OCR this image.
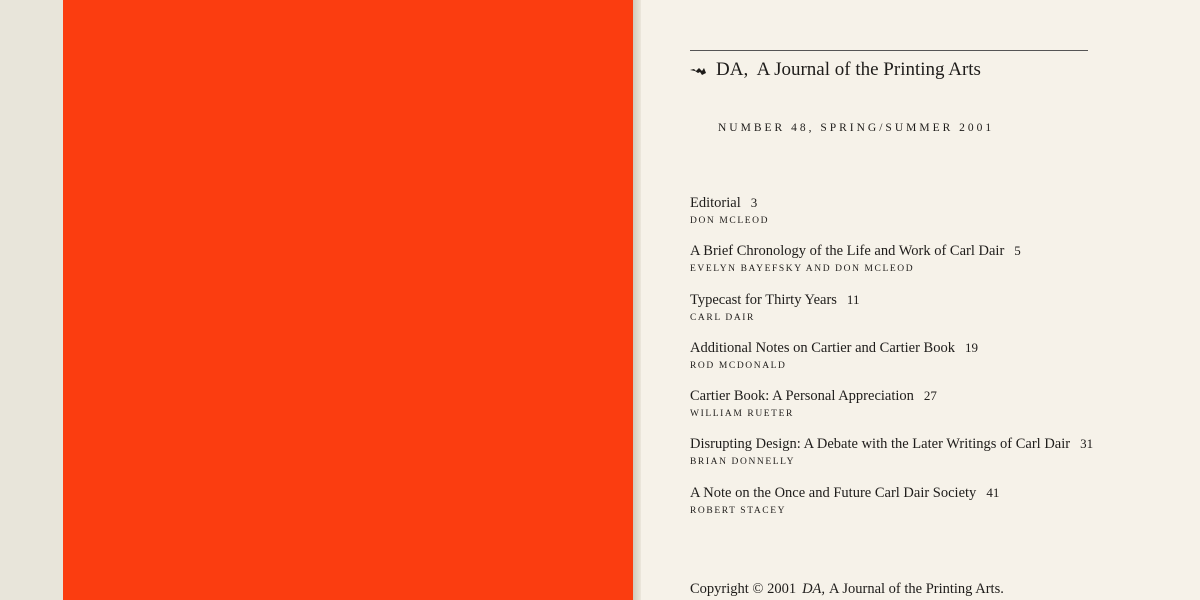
DA, A Journal of the Printing Arts
NUMBER 48, SPRING/SUMMER 2001
Editorial 3
DON MCLEOD
A Brief Chronology of the Life and Work of Carl Dair 5
EVELYN BAYEFSKY AND DON MCLEOD
Typecast for Thirty Years 11
CARL DAIR
Additional Notes on Cartier and Cartier Book 19
ROD MCDONALD
Cartier Book: A Personal Appreciation 27
WILLIAM RUETER
Disrupting Design: A Debate with the Later Writings of Carl Dair 31
BRIAN DONNELLY
A Note on the Once and Future Carl Dair Society 41
ROBERT STACEY
Copyright © 2001 DA, A Journal of the Printing Arts.
